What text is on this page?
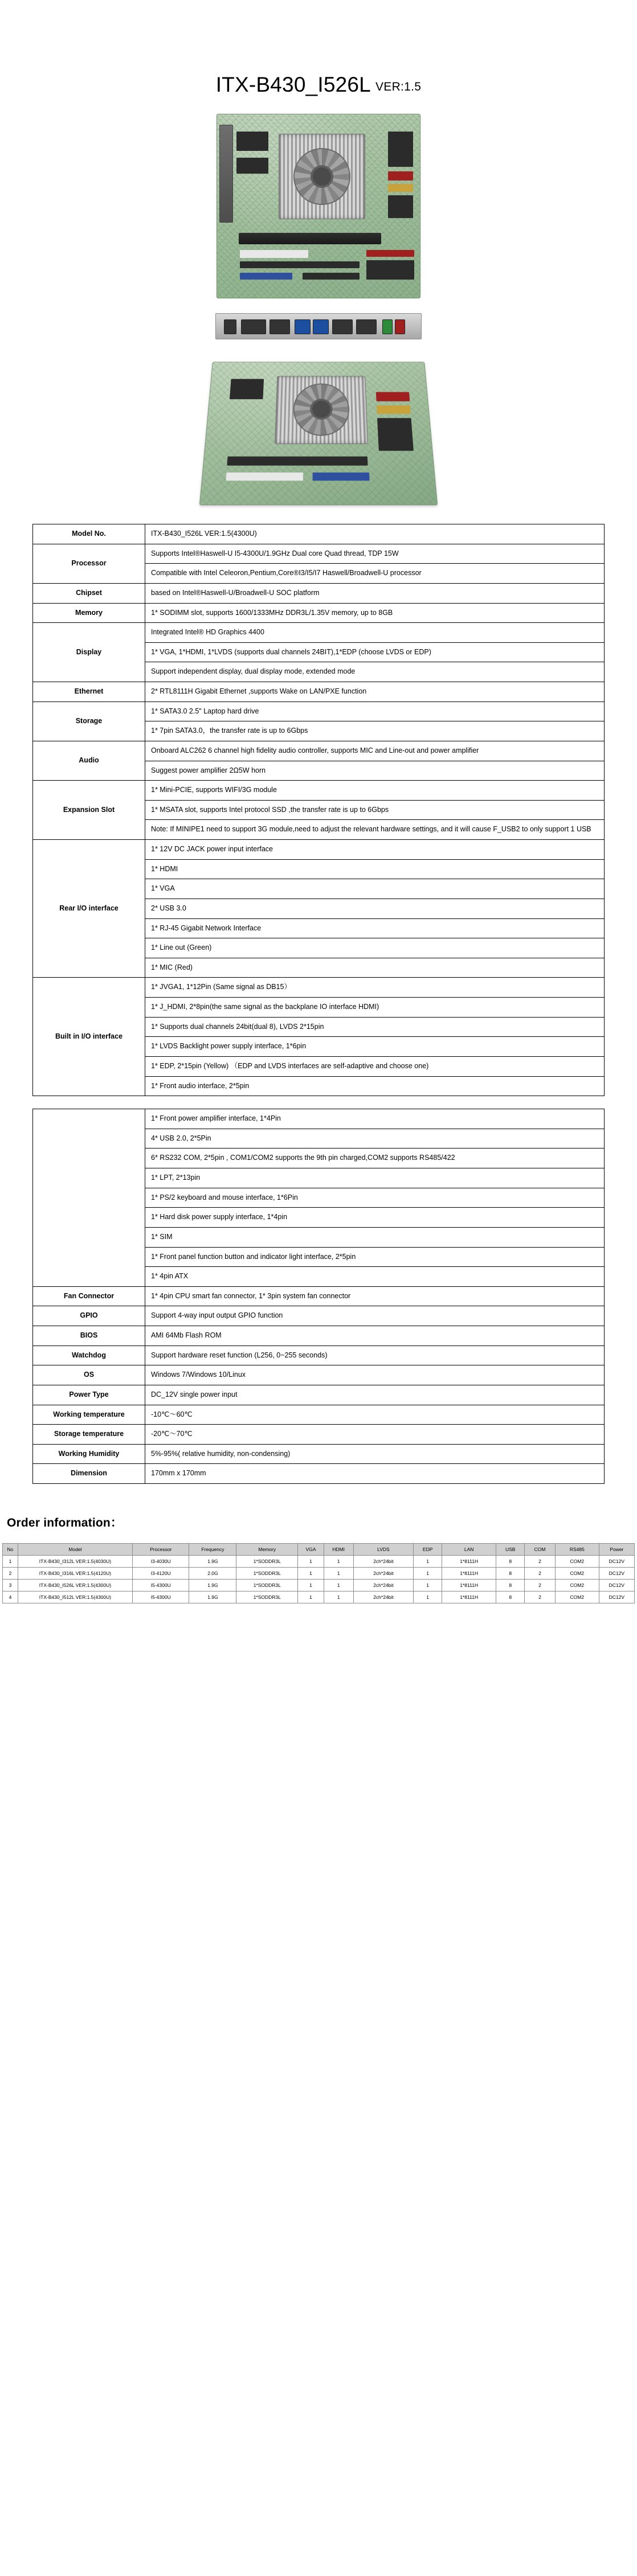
ITX-B430_I526L VER:1.5
Model No.	ITX-B430_I526L VER:1.5(4300U)
Processor	Supports Intel®Haswell-U I5-4300U/1.9GHz Dual core Quad thread, TDP 15W
	Compatible with Intel Celeoron,Pentium,Core®I3/I5/I7 Haswell/Broadwell-U processor
Chipset	based on Intel®Haswell-U/Broadwell-U SOC platform
Memory	1* SODIMM slot, supports 1600/1333MHz DDR3L/1.35V memory, up to 8GB
Display	Integrated Intel® HD Graphics 4400
	1* VGA, 1*HDMI, 1*LVDS (supports dual channels 24BIT),1*EDP (choose LVDS or EDP)
	Support independent display, dual display mode, extended mode
Ethernet	2* RTL8111H Gigabit Ethernet ,supports Wake on LAN/PXE function
Storage	1* SATA3.0 2.5" Laptop hard drive
	1* 7pin SATA3.0，the transfer rate is up to 6Gbps
Audio	Onboard ALC262 6 channel high fidelity audio controller, supports MIC and Line-out and power amplifier
	Suggest power amplifier 2Ω5W horn
Expansion Slot	1* Mini-PCIE, supports WIFI/3G module
	1* MSATA slot, supports Intel protocol SSD ,the transfer rate is up to 6Gbps
	Note: If MINIPE1 need to support 3G module,need to adjust the relevant hardware settings, and it will cause F_USB2 to only support 1 USB
Rear I/O interface	1* 12V DC JACK power input interface
	1* HDMI
	1* VGA
	2* USB 3.0
	1* RJ-45 Gigabit Network Interface
	1* Line out (Green)
	1* MIC (Red)
Built in I/O interface	1* JVGA1, 1*12Pin (Same signal as DB15）
	1* J_HDMI, 2*8pin(the same signal as the backplane IO interface HDMI)
	1* Supports dual channels 24bit(dual 8), LVDS 2*15pin
	1* LVDS Backlight power supply interface, 1*6pin
	1* EDP, 2*15pin (Yellow) （EDP and LVDS interfaces are self-adaptive and choose one)
	1* Front audio interface, 2*5pin
	1* Front power amplifier interface, 1*4Pin
	4* USB 2.0, 2*5Pin
	6* RS232 COM, 2*5pin , COM1/COM2 supports the 9th pin charged,COM2 supports RS485/422
	1* LPT, 2*13pin
	1* PS/2 keyboard and mouse interface, 1*6Pin
	1* Hard disk power supply interface, 1*4pin
	1* SIM
	1* Front panel function button and indicator light interface, 2*5pin
	1* 4pin ATX
Fan Connector	1* 4pin CPU smart fan connector, 1* 3pin system fan connector
GPIO	Support 4-way input output GPIO function
BIOS	AMI 64Mb Flash ROM
Watchdog	Support hardware reset function (L256, 0~255 seconds)
OS	Windows 7/Windows 10/Linux
Power Type	DC_12V single power input
Working temperature	-10℃～60℃
Storage temperature	-20℃～70℃
Working Humidity	5%-95%( relative humidity, non-condensing)
Dimension	170mm x 170mm
Order information：
No	Model	Processor	Frequency	Memory	VGA	HDMI	LVDS	EDP	LAN	USB	COM	RS485	Power
1	ITX-B430_I312L VER:1.5(4030U)	I3-4030U	1.9G	1*SODDR3L	1	1	2ch*24bit	1	1*8111H	8	2	COM2	DC12V
2	ITX-B430_I316L VER:1.5(4120U)	I3-4120U	2.0G	1*SODDR3L	1	1	2ch*24bit	1	1*8111H	8	2	COM2	DC12V
3	ITX-B430_I526L VER:1.5(4300U)	I5-4300U	1.9G	1*SODDR3L	1	1	2ch*24bit	1	1*8111H	8	2	COM2	DC12V
4	ITX-B430_I512L VER:1.5(4300U)	I5-4300U	1.9G	1*SODDR3L	1	1	2ch*24bit	1	1*8111H	8	2	COM2	DC12V
